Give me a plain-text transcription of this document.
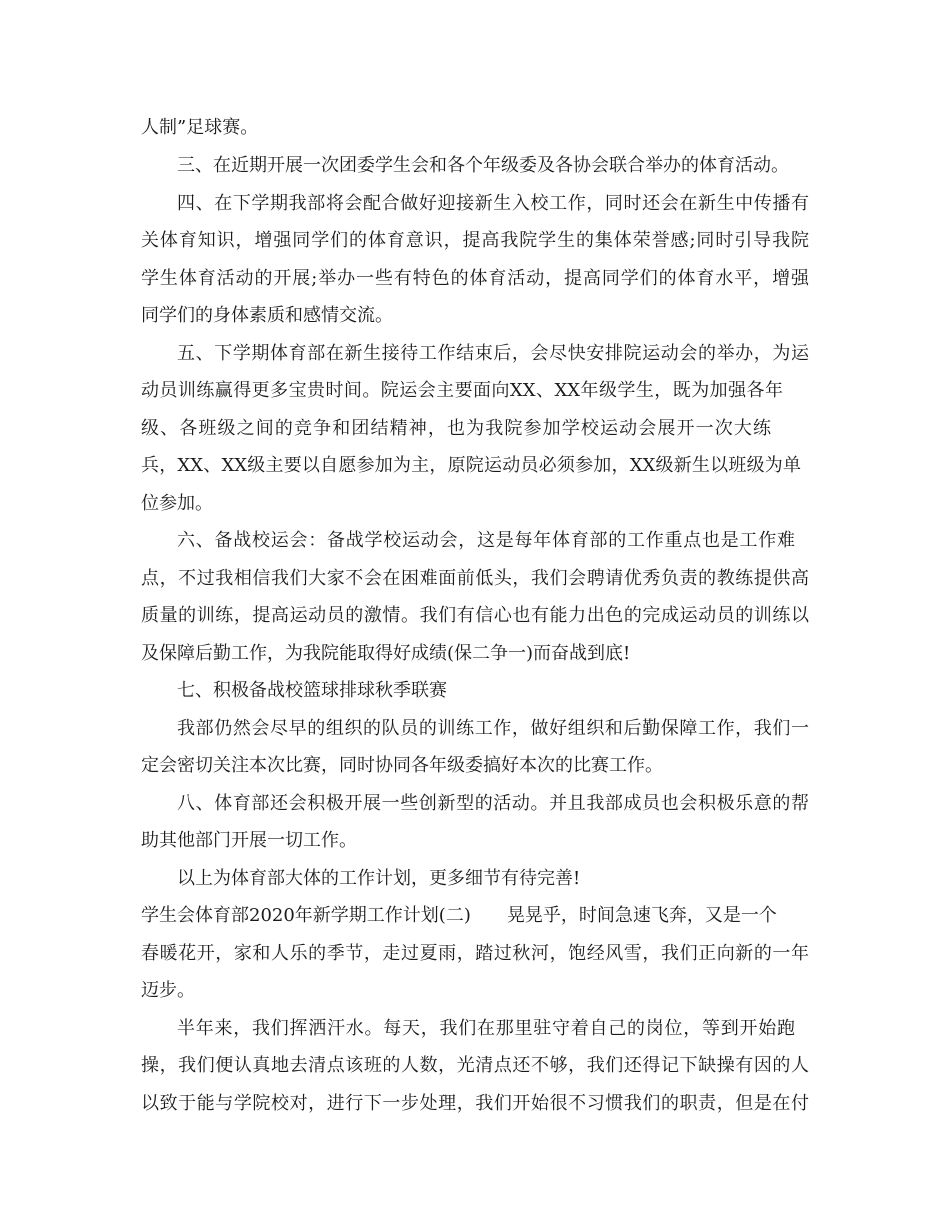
人制”足球赛。
三、在近期开展一次团委学生会和各个年级委及各协会联合举办的体育活动。
四、在下学期我部将会配合做好迎接新生入校工作，同时还会在新生中传播有
关体育知识，增强同学们的体育意识，提高我院学生的集体荣誉感;同时引导我院
学生体育活动的开展;举办一些有特色的体育活动，提高同学们的体育水平，增强
同学们的身体素质和感情交流。
五、下学期体育部在新生接待工作结束后，会尽快安排院运动会的举办，为运
动员训练赢得更多宝贵时间。院运会主要面向XX、XX年级学生，既为加强各年
级、各班级之间的竞争和团结精神，也为我院参加学校运动会展开一次大练
兵，XX、XX级主要以自愿参加为主，原院运动员必须参加，XX级新生以班级为单
位参加。
六、备战校运会：备战学校运动会，这是每年体育部的工作重点也是工作难
点，不过我相信我们大家不会在困难面前低头，我们会聘请优秀负责的教练提供高
质量的训练，提高运动员的激情。我们有信心也有能力出色的完成运动员的训练以
及保障后勤工作，为我院能取得好成绩(保二争一)而奋战到底!
七、积极备战校篮球排球秋季联赛
我部仍然会尽早的组织的队员的训练工作，做好组织和后勤保障工作，我们一
定会密切关注本次比赛，同时协同各年级委搞好本次的比赛工作。
八、体育部还会积极开展一些创新型的活动。并且我部成员也会积极乐意的帮
助其他部门开展一切工作。
以上为体育部大体的工作计划，更多细节有待完善!
学生会体育部2020年新学期工作计划(二) 晃晃乎，时间急速飞奔，又是一个
春暖花开，家和人乐的季节，走过夏雨，踏过秋河，饱经风雪，我们正向新的一年
迈步。
半年来，我们挥洒汗水。每天，我们在那里驻守着自己的岗位，等到开始跑
操，我们便认真地去清点该班的人数，光清点还不够，我们还得记下缺操有因的人
以致于能与学院校对，进行下一步处理，我们开始很不习惯我们的职责，但是在付
